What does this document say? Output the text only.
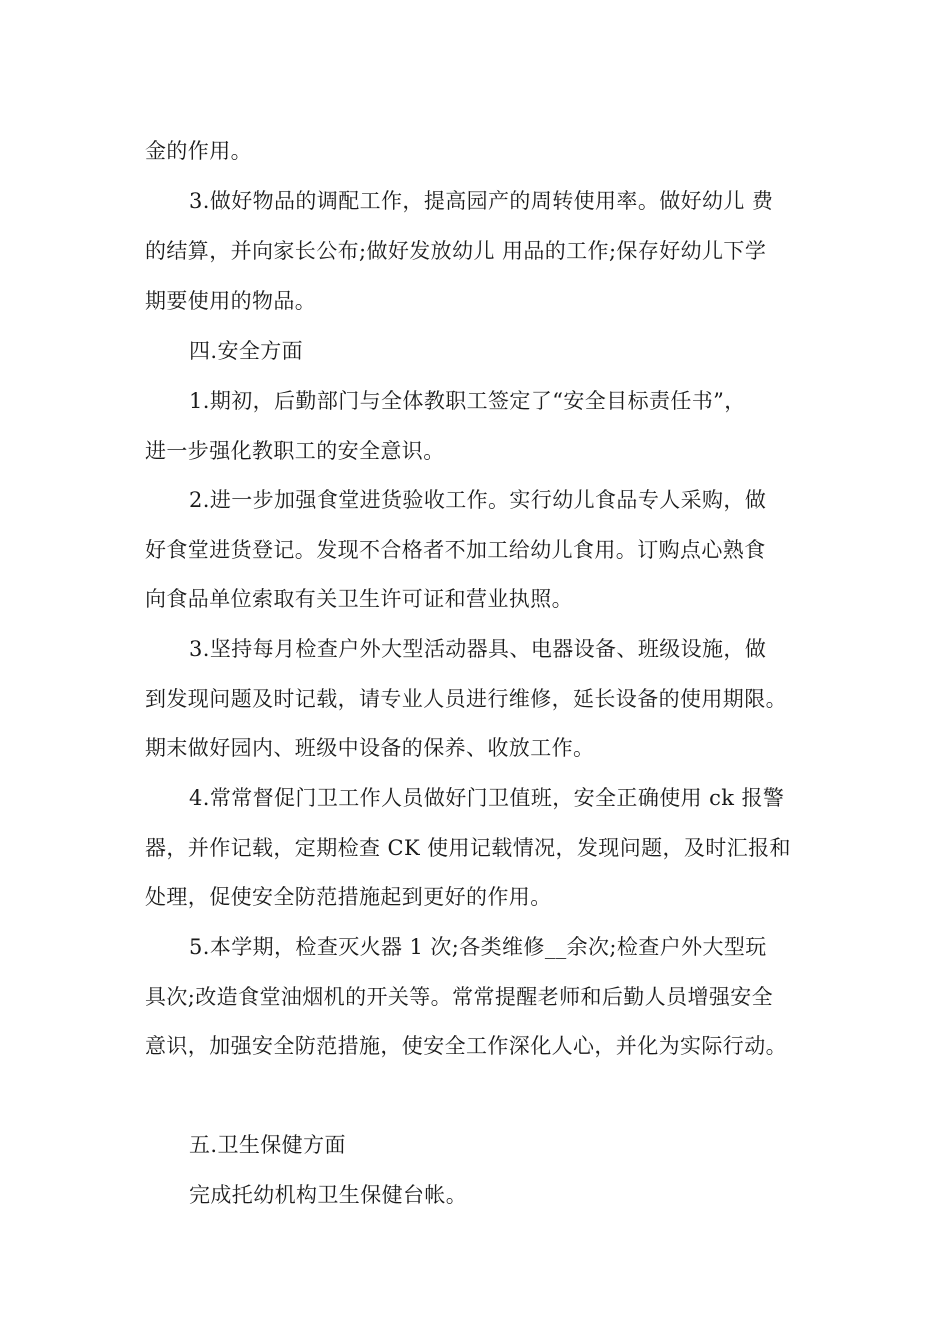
金的作用。
3.做好物品的调配工作，提高园产的周转使用率。做好幼儿 费
的结算，并向家长公布;做好发放幼儿 用品的工作;保存好幼儿下学
期要使用的物品。
四.安全方面
1.期初，后勤部门与全体教职工签定了“安全目标责任书”，
进一步强化教职工的安全意识。
2.进一步加强食堂进货验收工作。实行幼儿食品专人采购，做
好食堂进货登记。发现不合格者不加工给幼儿食用。订购点心熟食
向食品单位索取有关卫生许可证和营业执照。
3.坚持每月检查户外大型活动器具、电器设备、班级设施，做
到发现问题及时记载，请专业人员进行维修，延长设备的使用期限。
期末做好园内、班级中设备的保养、收放工作。
4.常常督促门卫工作人员做好门卫值班，安全正确使用 ck 报警
器，并作记载，定期检查 CK 使用记载情况，发现问题，及时汇报和
处理，促使安全防范措施起到更好的作用。
5.本学期，检查灭火器 1 次;各类维修__余次;检查户外大型玩
具次;改造食堂油烟机的开关等。常常提醒老师和后勤人员增强安全
意识，加强安全防范措施，使安全工作深化人心，并化为实际行动。
五.卫生保健方面
完成托幼机构卫生保健台帐。
